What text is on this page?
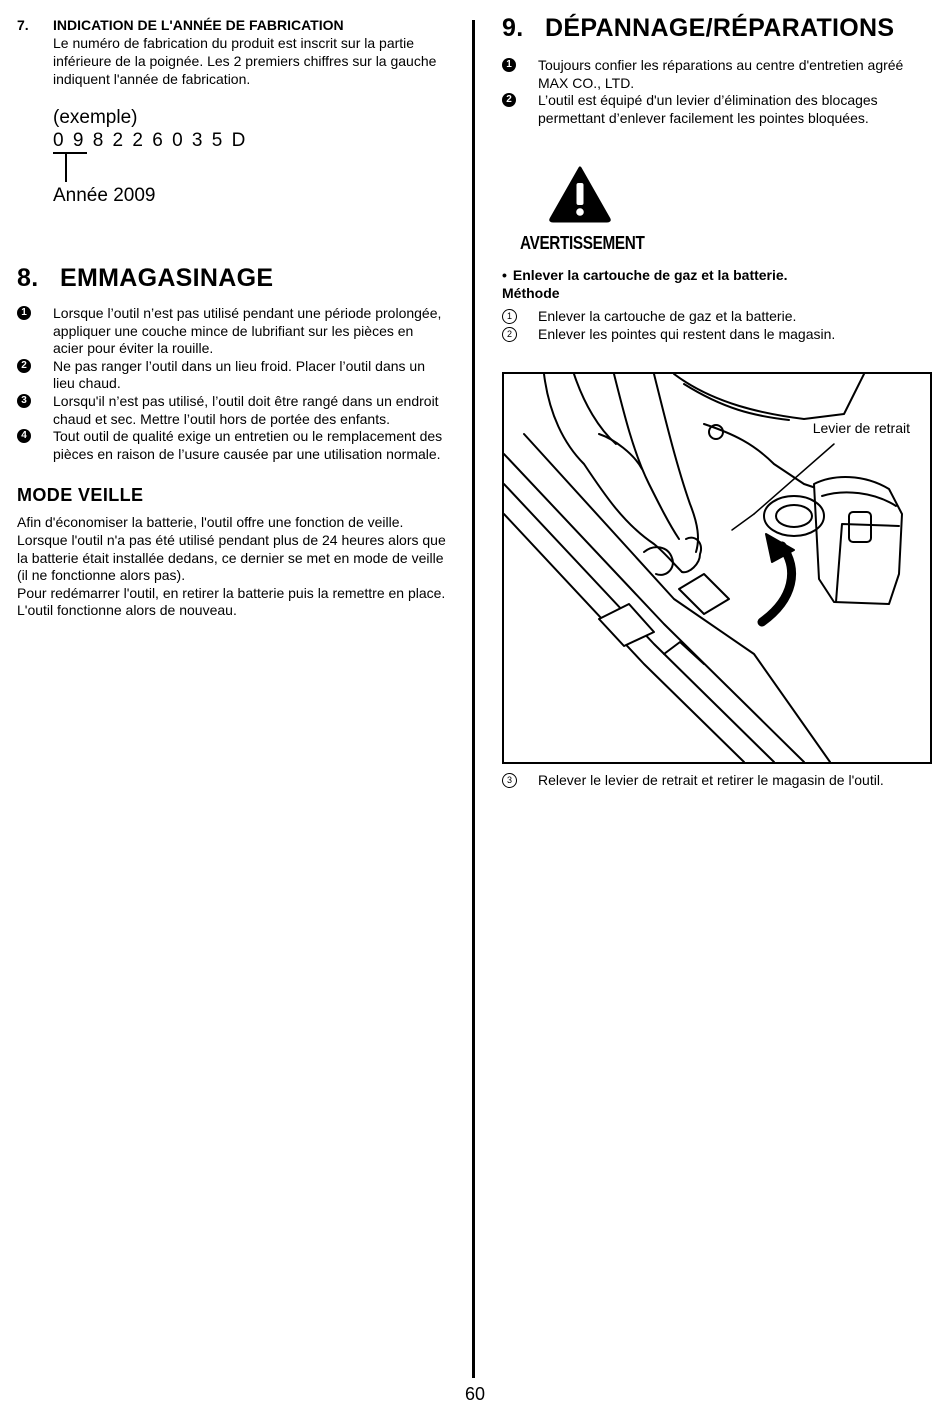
7. INDICATION DE L'ANNÉE DE FABRICATION
Le numéro de fabrication du produit est inscrit sur la partie inférieure de la poignée. Les 2 premiers chiffres sur la gauche indiquent l'année de fabrication.
(exemple)
0 9 8 2 2 6 0 3 5 D
Année 2009
8. EMMAGASINAGE
1	Lorsque l’outil n’est pas utilisé pendant une période prolongée, appliquer une couche mince de lubrifiant sur les pièces en acier pour éviter la rouille.
2	Ne pas ranger l’outil dans un lieu froid. Placer l’outil dans un lieu chaud.
3	Lorsqu'il n’est pas utilisé, l’outil doit être rangé dans un endroit chaud et sec. Mettre l’outil hors de portée des enfants.
4	Tout outil de qualité exige un entretien ou le remplacement des pièces en raison de l’usure causée par une utilisation normale.
MODE VEILLE

Afin d'économiser la batterie, l'outil offre une fonction de veille. Lorsque l'outil n'a pas été utilisé pendant plus de 24 heures alors que la batterie était installée dedans, ce dernier se met en mode de veille (il ne fonctionne alors pas).

Pour redémarrer l'outil, en retirer la batterie puis la remettre en place. L'outil fonctionne alors de nouveau.

9. DÉPANNAGE/RÉPARATIONS
1	Toujours confier les réparations au centre d'entretien agréé MAX CO., LTD.
2	L’outil est équipé d'un levier d’élimination des blocages permettant d’enlever facilement les pointes bloquées.
AVERTISSEMENT
• Enlever la cartouche de gaz et la batterie.
Méthode
1	Enlever la cartouche de gaz et la batterie.
2	Enlever les pointes qui restent dans le magasin.
Levier de retrait
3	Relever le levier de retrait et retirer le magasin de l'outil.
60
